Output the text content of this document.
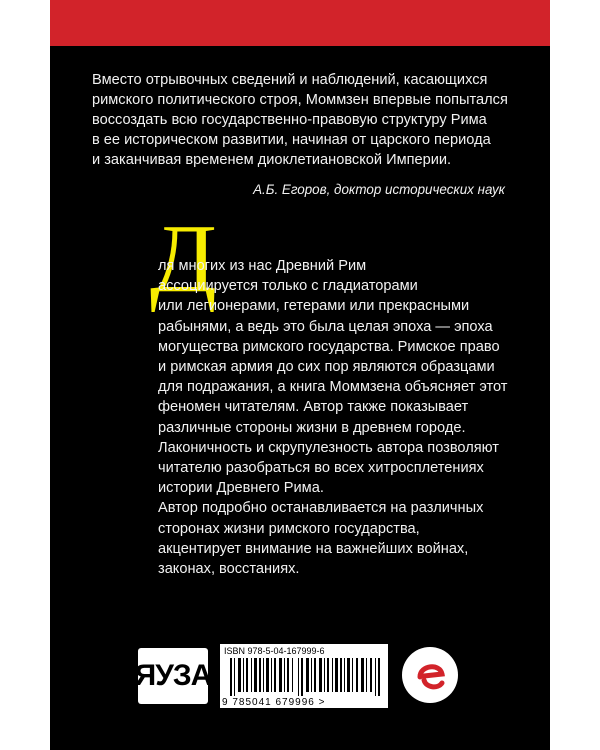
Вместо отрывочных сведений и наблюдений, касающихся
римского политического строя, Моммзен впервые попытался
воссоздать всю государственно-правовую структуру Рима
в ее историческом развитии, начиная от царского периода
и заканчивая временем диоклетиановской Империи.

А.Б. Егоров, доктор исторических наук
Д

ля многих из нас Древний Рим
ассоциируется только с гладиаторами
или легионерами, гетерами или прекрасными
рабынями, а ведь это была целая эпоха — эпоха
могущества римского государства. Римское право
и римская армия до сих пор являются образцами
для подражания, а книга Моммзена объясняет этот
феномен читателям. Автор также показывает
различные стороны жизни в древнем городе.
Лаконичность и скрупулезность автора позволяют
читателю разобраться во всех хитросплетениях
истории Древнего Рима.
Автор подробно останавливается на различных
сторонах жизни римского государства,
акцентирует внимание на важнейших войнах,
законах, восстаниях.

ЯУЗА
ISBN 978-5-04-167999-6
9 785041 679996 >
